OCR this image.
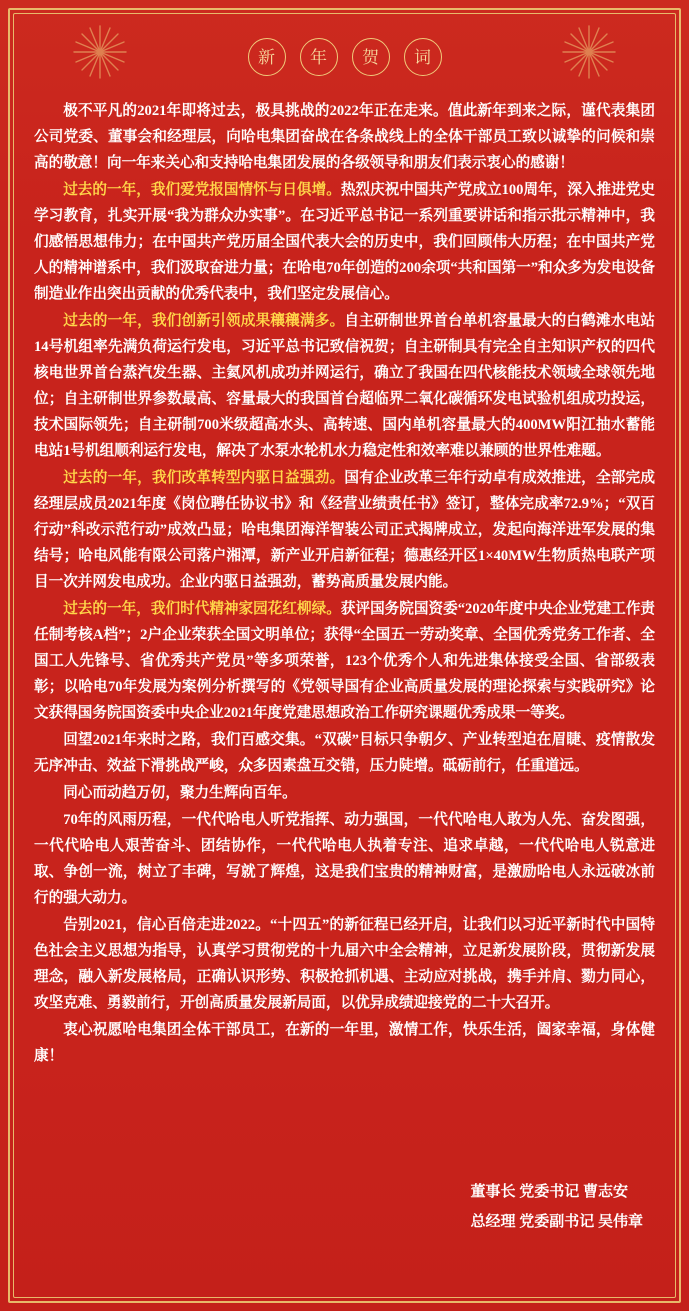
新	年	贺	词

极不平凡的2021年即将过去，极具挑战的2022年正在走来。值此新年到来之际，谨代表集团公司党委、董事会和经理层，向哈电集团奋战在各条战线上的全体干部员工致以诚挚的问候和崇高的敬意！向一年来关心和支持哈电集团发展的各级领导和朋友们表示衷心的感谢！

过去的一年，我们爱党报国情怀与日俱增。热烈庆祝中国共产党成立100周年，深入推进党史学习教育，扎实开展“我为群众办实事”。在习近平总书记一系列重要讲话和指示批示精神中，我们感悟思想伟力；在中国共产党历届全国代表大会的历史中，我们回顾伟大历程；在中国共产党人的精神谱系中，我们汲取奋进力量；在哈电70年创造的200余项“共和国第一”和众多为发电设备制造业作出突出贡献的优秀代表中，我们坚定发展信心。

过去的一年，我们创新引领成果穰穰满多。自主研制世界首台单机容量最大的白鹤滩水电站14号机组率先满负荷运行发电，习近平总书记致信祝贺；自主研制具有完全自主知识产权的四代核电世界首台蒸汽发生器、主氦风机成功并网运行，确立了我国在四代核能技术领域全球领先地位；自主研制世界参数最高、容量最大的我国首台超临界二氧化碳循环发电试验机组成功投运，技术国际领先；自主研制700米级超高水头、高转速、国内单机容量最大的400MW阳江抽水蓄能电站1号机组顺利运行发电，解决了水泵水轮机水力稳定性和效率难以兼顾的世界性难题。

过去的一年，我们改革转型内驱日益强劲。国有企业改革三年行动卓有成效推进，全部完成经理层成员2021年度《岗位聘任协议书》和《经营业绩责任书》签订，整体完成率72.9%；“双百行动”科改示范行动”成效凸显；哈电集团海洋智装公司正式揭牌成立，发起向海洋进军发展的集结号；哈电风能有限公司落户湘潭，新产业开启新征程；德惠经开区1×40MW生物质热电联产项目一次并网发电成功。企业内驱日益强劲，蓄势高质量发展内能。

过去的一年，我们时代精神家园花红柳绿。获评国务院国资委“2020年度中央企业党建工作责任制考核A档”；2户企业荣获全国文明单位；获得“全国五一劳动奖章、全国优秀党务工作者、全国工人先锋号、省优秀共产党员”等多项荣誉，123个优秀个人和先进集体接受全国、省部级表彰；以哈电70年发展为案例分析撰写的《党领导国有企业高质量发展的理论探索与实践研究》论文获得国务院国资委中央企业2021年度党建思想政治工作研究课题优秀成果一等奖。

回望2021年来时之路，我们百感交集。“双碳”目标只争朝夕、产业转型迫在眉睫、疫情散发无序冲击、效益下滑挑战严峻，众多因素盘互交错，压力陡增。砥砺前行，任重道远。

同心而动趋万仞，聚力生辉向百年。

70年的风雨历程，一代代哈电人听党指挥、动力强国，一代代哈电人敢为人先、奋发图强，一代代哈电人艰苦奋斗、团结协作，一代代哈电人执着专注、追求卓越，一代代哈电人锐意进取、争创一流，树立了丰碑，写就了辉煌，这是我们宝贵的精神财富，是激励哈电人永远破冰前行的强大动力。

告别2021，信心百倍走进2022。“十四五”的新征程已经开启，让我们以习近平新时代中国特色社会主义思想为指导，认真学习贯彻党的十九届六中全会精神，立足新发展阶段，贯彻新发展理念，融入新发展格局，正确认识形势、积极抢抓机遇、主动应对挑战，携手并肩、勠力同心，攻坚克难、勇毅前行，开创高质量发展新局面，以优异成绩迎接党的二十大召开。

衷心祝愿哈电集团全体干部员工，在新的一年里，激情工作，快乐生活，阖家幸福，身体健康！

董事长 党委书记 曹志安
总经理 党委副书记 吴伟章
